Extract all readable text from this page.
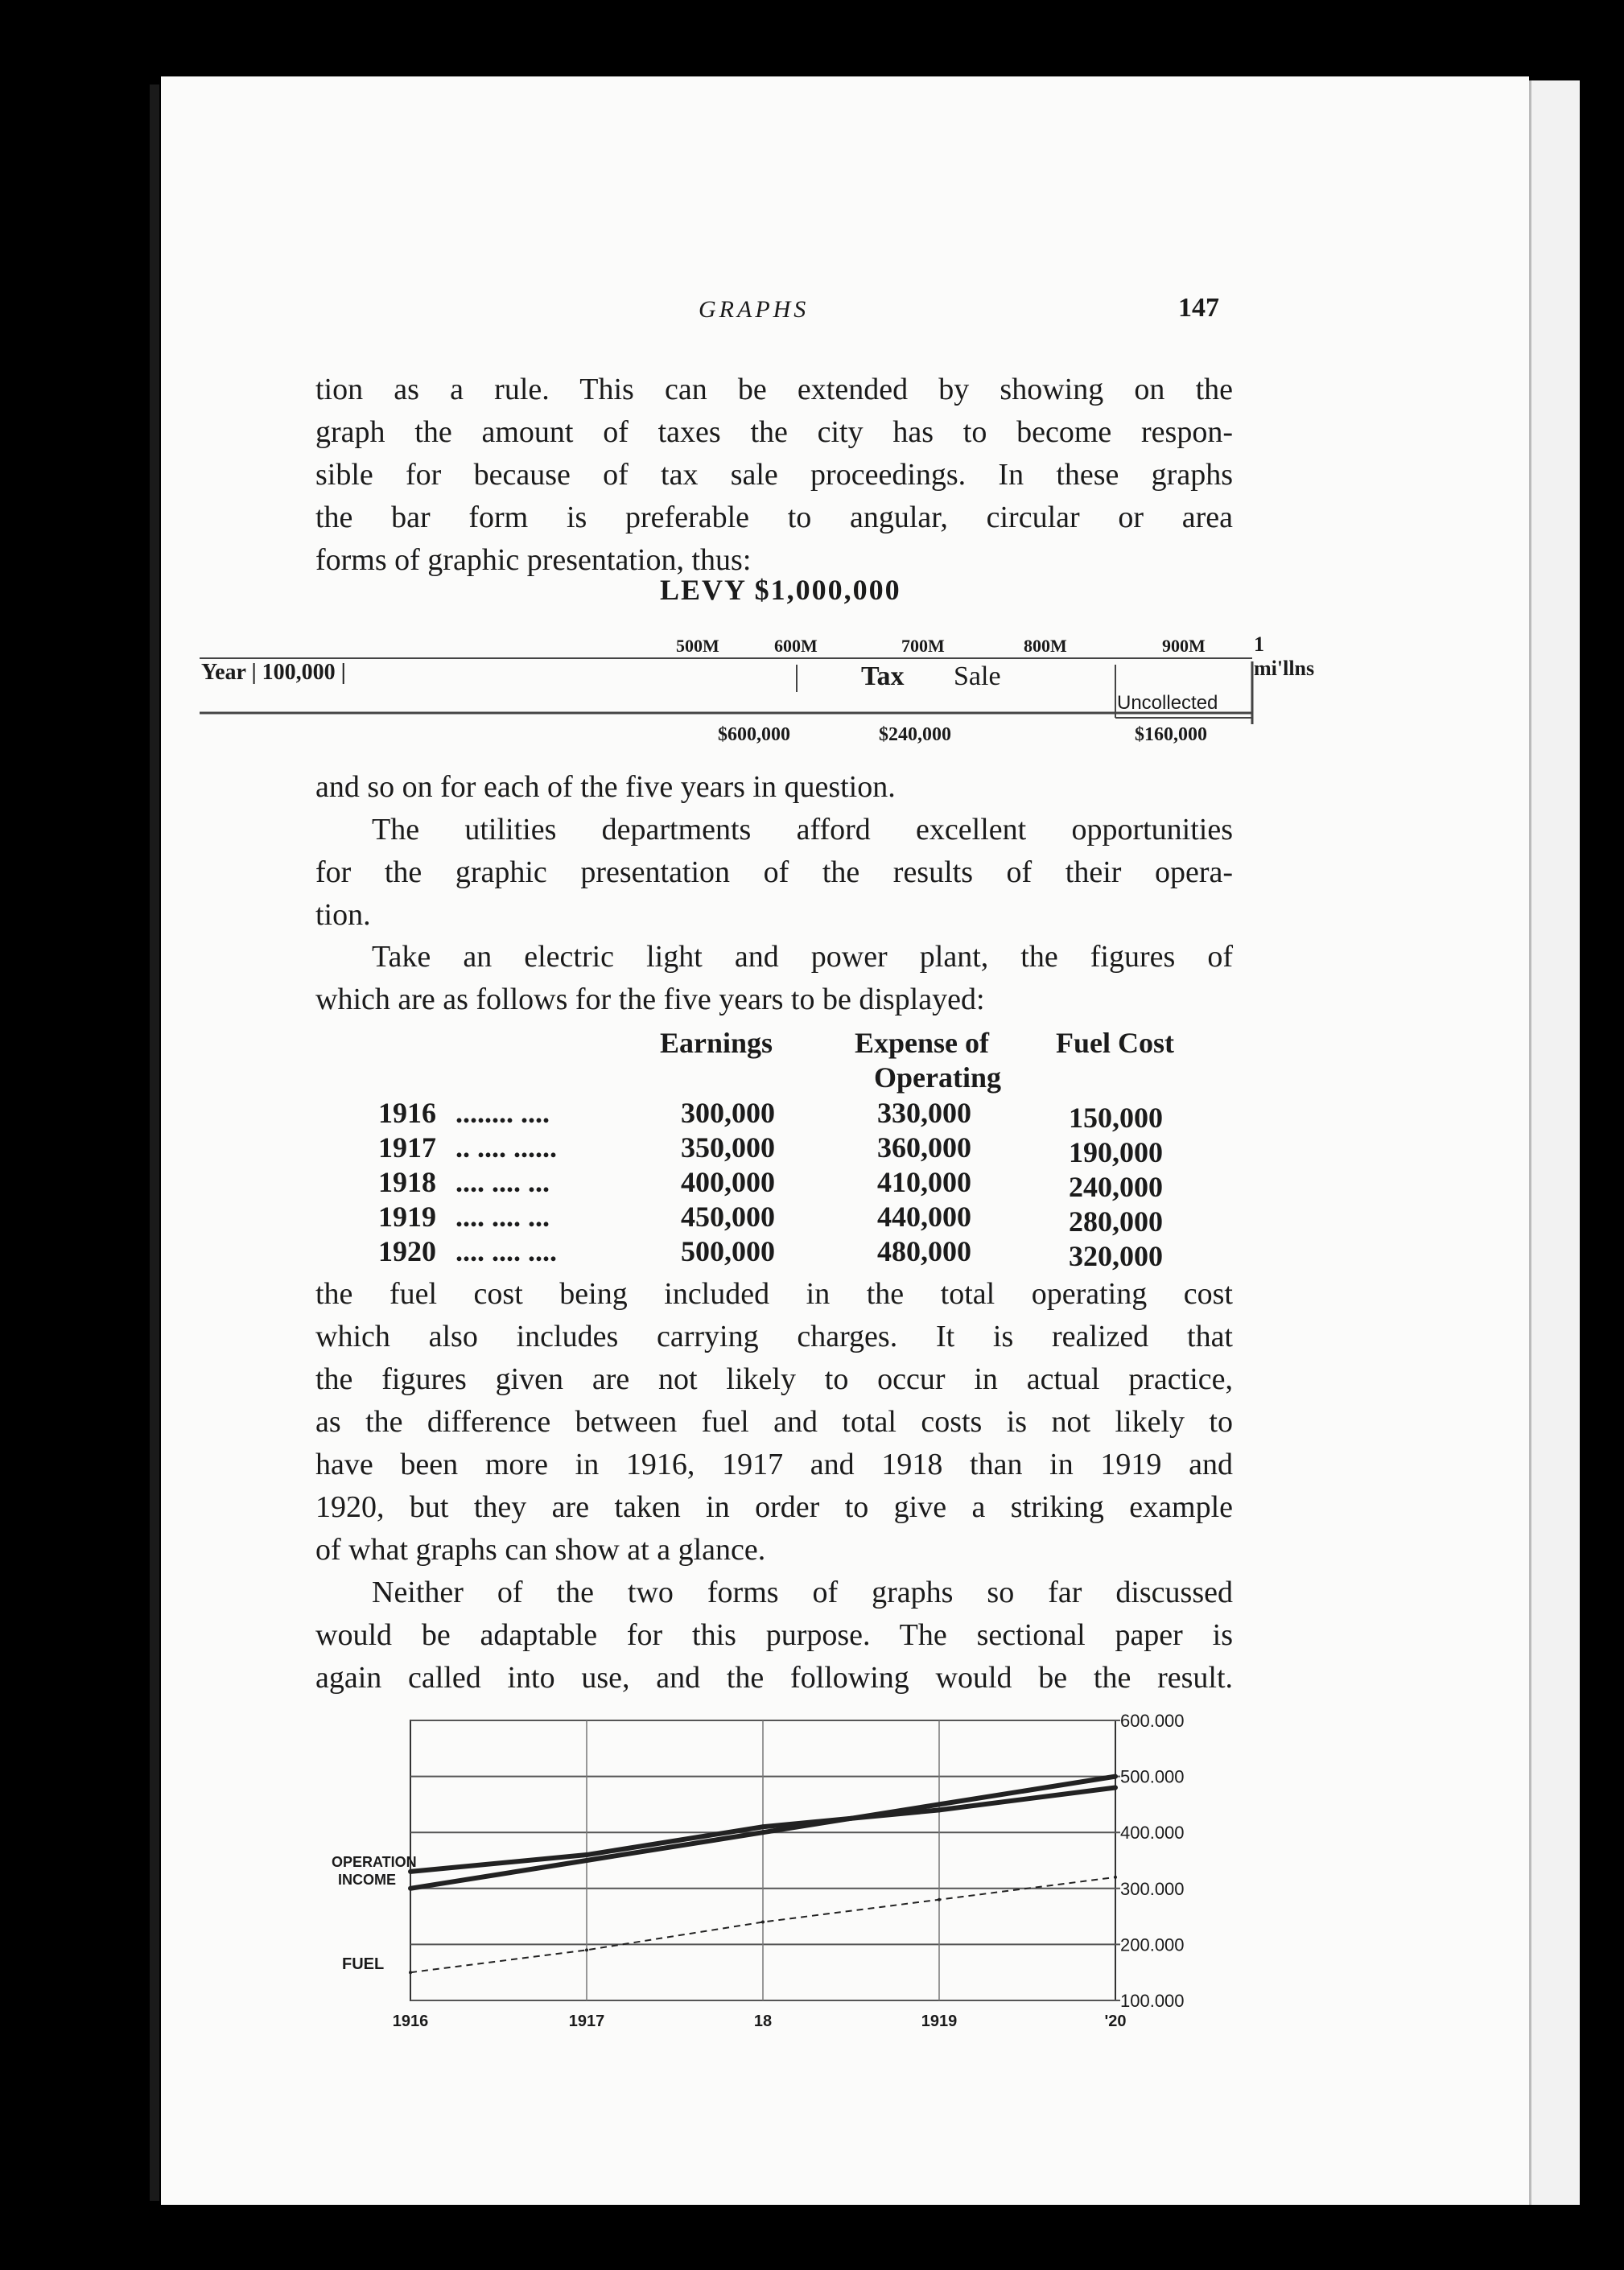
GRAPHS	147
tion as a rule. This can be extended by showing on the
graph the amount of taxes the city has to become respon-
sible for because of tax sale proceedings. In these graphs
the bar form is preferable to angular, circular or area
forms of graphic presentation, thus:
LEVY $1,000,000
500M	600M	700M	800M	900M 1 mi'llns
Year | 100,000 |	Tax Sale
Uncollected
$600,000	$240,000	$160,000
and so on for each of the five years in question.
The utilities departments afford excellent opportunities
for the graphic presentation of the results of their opera-
tion.
Take an electric light and power plant, the figures of
which are as follows for the five years to be displayed:
Earnings	Expense of
Operating
Fuel Cost
1916 ........ ....	300,000	330,000	150,000
1917 .. .... ......	350,000	360,000	190,000
1918 .... .... ...	400,000	410,000	240,000
1919 .... .... ...	450,000	440,000	280,000
1920 .... .... ....	500,000	480,000	320,000
the fuel cost being included in the total operating cost
which also includes carrying charges. It is realized that
the figures given are not likely to occur in actual practice,
as the difference between fuel and total costs is not likely to
have been more in 1916, 1917 and 1918 than in 1919 and
1920, but they are taken in order to give a striking example
of what graphs can show at a glance.
Neither of the two forms of graphs so far discussed
would be adaptable for this purpose. The sectional paper is
again called into use, and the following would be the result.
600.000
500.000
400.000
300.000
200.000
100.000
1916	1917	18	1919	'20
OPERATION
INCOME
FUEL
